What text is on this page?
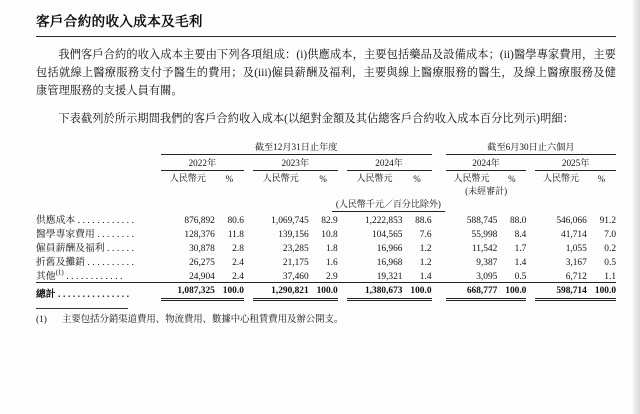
客戶合約的收入成本及毛利

我們客戶合約的收入成本主要由下列各項組成：(i)供應成本，主要包括藥品及設備成本；(ii)醫學專家費用，主要包括就線上醫療服務支付予醫生的費用；及(iii)僱員薪酬及福利，主要與線上醫療服務的醫生，及線上醫療服務及健康管理服務的支援人員有關。

下表截列於所示期間我們的客戶合約收入成本(以絕對金額及其佔總客戶合約收入成本百分比列示)明細：

	截至12月31日止年度									截至6月30日止六個月				

	2022年			2023年			2024年			2024年			2025年	

	人民幣元	%		人民幣元	%		人民幣元	%		人民幣元	%		人民幣元	%
										(未經審計)				
	(人民幣千元／百分比除外)													
供應成本 . . . . . . . . . . . .	876,892	80.6		1,069,745	82.9		1,222,853	88.6		588,745	88.0		546,066	91.2
醫學專家費用 . . . . . . . .	128,376	11.8		139,156	10.8		104,565	7.6		55,998	8.4		41,714	7.0
僱員薪酬及福利 . . . . . .	30,878	2.8		23,285	1.8		16,966	1.2		11,542	1.7		1,055	0.2
折舊及攤銷 . . . . . . . . . .	26,275	2.4		21,175	1.6		16,968	1.2		9,387	1.4		3,167	0.5
其他$^{(1)}$ . . . . . . . . . . . .	24,904	2.4		37,460	2.9		19,321	1.4		3,095	0.5		6,712	1.1
總計 . . . . . . . . . . . . . . .	1,087,325	100.0		1,290,821	100.0		1,380,673	100.0		668,777	100.0		598,714	100.0
(1) 主要包括分銷渠道費用、物流費用、數據中心租賃費用及辦公開支。
